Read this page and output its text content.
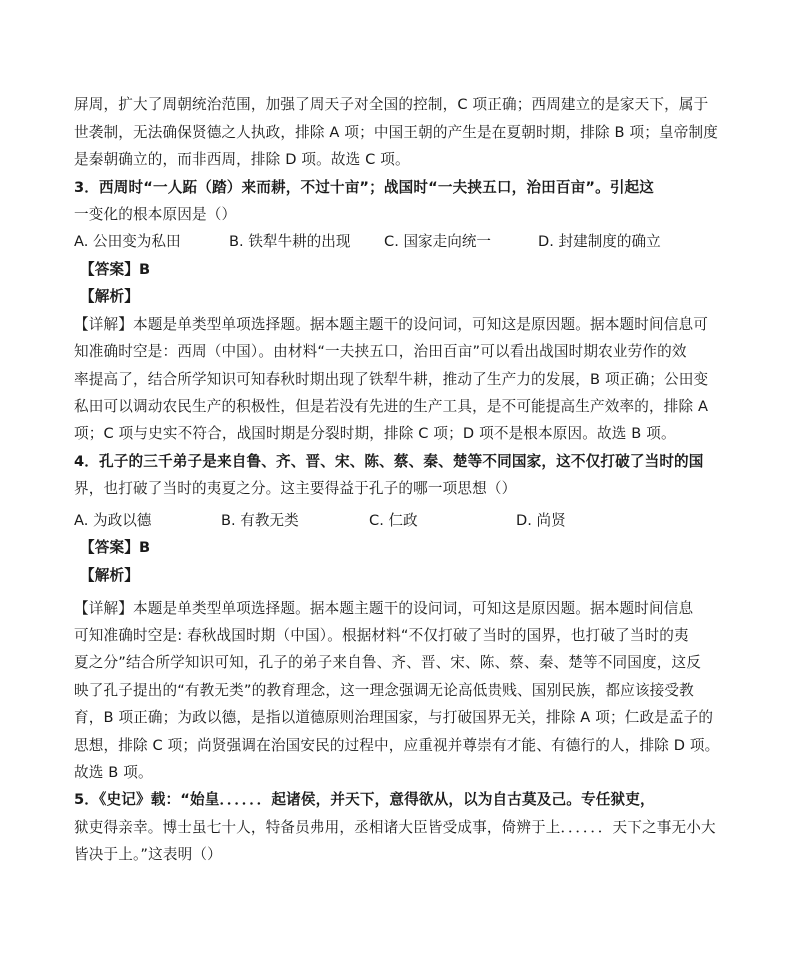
屏周，扩大了周朝统治范围，加强了周天子对全国的控制，C 项正确；西周建立的是家天下，属于
世袭制，无法确保贤德之人执政，排除 A 项；中国王朝的产生是在夏朝时期，排除 B 项；皇帝制度
是秦朝确立的，而非西周，排除 D 项。故选 C 项。
3．西周时“一人跖（踏）来而耕，不过十亩”；战国时“一夫挟五口，治田百亩”。引起这
一变化的根本原因是（）
A. 公田变为私田	B. 铁犁牛耕的出现 C. 国家走向统一	D. 封建制度的确立
【答案】B
【解析】
【详解】本题是单类型单项选择题。据本题主题干的设问词，可知这是原因题。据本题时间信息可
知准确时空是：西周（中国）。由材料“一夫挟五口，治田百亩”可以看出战国时期农业劳作的效
率提高了，结合所学知识可知春秋时期出现了铁犁牛耕，推动了生产力的发展，B 项正确；公田变
私田可以调动农民生产的积极性，但是若没有先进的生产工具，是不可能提高生产效率的，排除 A
项；C 项与史实不符合，战国时期是分裂时期，排除 C 项；D 项不是根本原因。故选 B 项。
4．孔子的三千弟子是来自鲁、齐、晋、宋、陈、蔡、秦、楚等不同国家，这不仅打破了当时的国
界，也打破了当时的夷夏之分。这主要得益于孔子的哪一项思想（）
A. 为政以德	B. 有教无类	C. 仁政	D. 尚贤
【答案】B
【解析】
【详解】本题是单类型单项选择题。据本题主题干的设问词，可知这是原因题。据本题时间信息
可知准确时空是: 春秋战国时期（中国）。根据材料“不仅打破了当时的国界，也打破了当时的夷
夏之分”结合所学知识可知，孔子的弟子来自鲁、齐、晋、宋、陈、蔡、秦、楚等不同国度，这反
映了孔子提出的“有教无类”的教育理念，这一理念强调无论高低贵贱、国别民族，都应该接受教
育，B 项正确；为政以德，是指以道德原则治理国家，与打破国界无关，排除 A 项；仁政是孟子的
思想，排除 C 项；尚贤强调在治国安民的过程中，应重视并尊崇有才能、有德行的人，排除 D 项。
故选 B 项。
5．《史记》载：“始皇．．．．．．起诸侯，并天下，意得欲从，以为自古莫及己。专任狱吏，
狱吏得亲幸。博士虽七十人，特备员弗用，丞相诸大臣皆受成事，倚辨于上．．．．．．天下之事无小大
皆决于上。”这表明（）
